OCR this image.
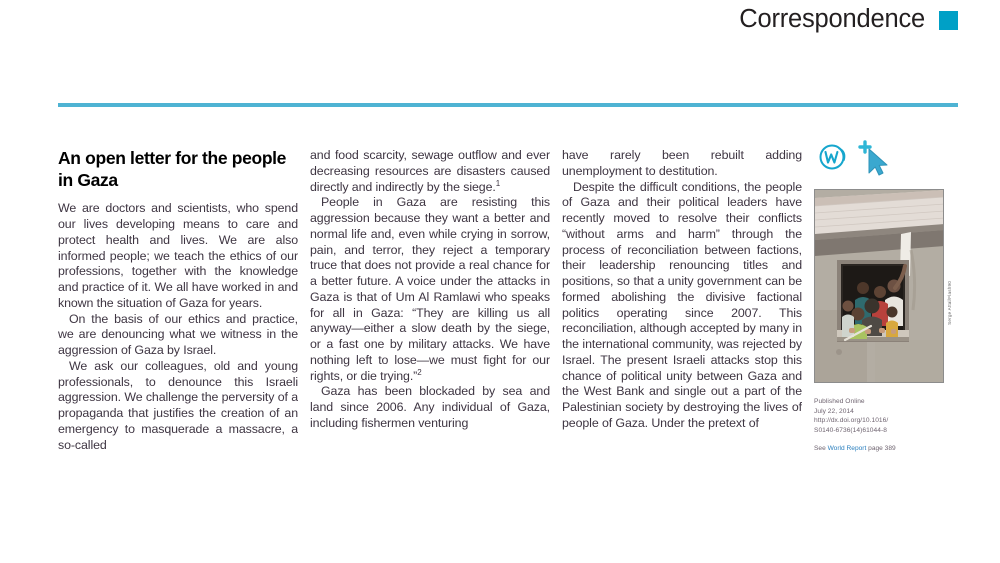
Correspondence
An open letter for the people in Gaza

We are doctors and scientists, who spend our lives developing means to care and protect health and lives. We are also informed people; we teach the ethics of our professions, together with the knowledge and practice of it. We all have worked in and known the situation of Gaza for years.

On the basis of our ethics and practice, we are denouncing what we witness in the aggression of Gaza by Israel.

We ask our colleagues, old and young professionals, to denounce this Israeli aggression. We challenge the perversity of a propaganda that justifies the creation of an emergency to masquerade a massacre, a so-called

and food scarcity, sewage outflow and ever decreasing resources are disasters caused directly and indirectly by the siege.$^1$

People in Gaza are resisting this aggression because they want a better and normal life and, even while crying in sorrow, pain, and terror, they reject a temporary truce that does not provide a real chance for a better future. A voice under the attacks in Gaza is that of Um Al Ramlawi who speaks for all in Gaza: “They are killing us all anyway—either a slow death by the siege, or a fast one by military attacks. We have nothing left to lose—we must fight for our rights, or die trying.”$^2$

Gaza has been blockaded by sea and land since 2006. Any individual of Gaza, including fishermen venturing

have rarely been rebuilt adding unemployment to destitution.

Despite the difficult conditions, the people of Gaza and their political leaders have recently moved to resolve their conflicts “without arms and harm” through the process of reconciliation between factions, their leadership renouncing titles and positions, so that a unity government can be formed abolishing the divisive factional politics operating since 2007. This reconciliation, although accepted by many in the international community, was rejected by Israel. The present Israeli attacks stop this chance of political unity between Gaza and the West Bank and single out a part of the Palestinian society by destroying the lives of people of Gaza. Under the pretext of

Serge Attal/Flash90
Published Online
July 22, 2014
http://dx.doi.org/10.1016/
S0140-6736(14)61044-8
See World Report page 389
